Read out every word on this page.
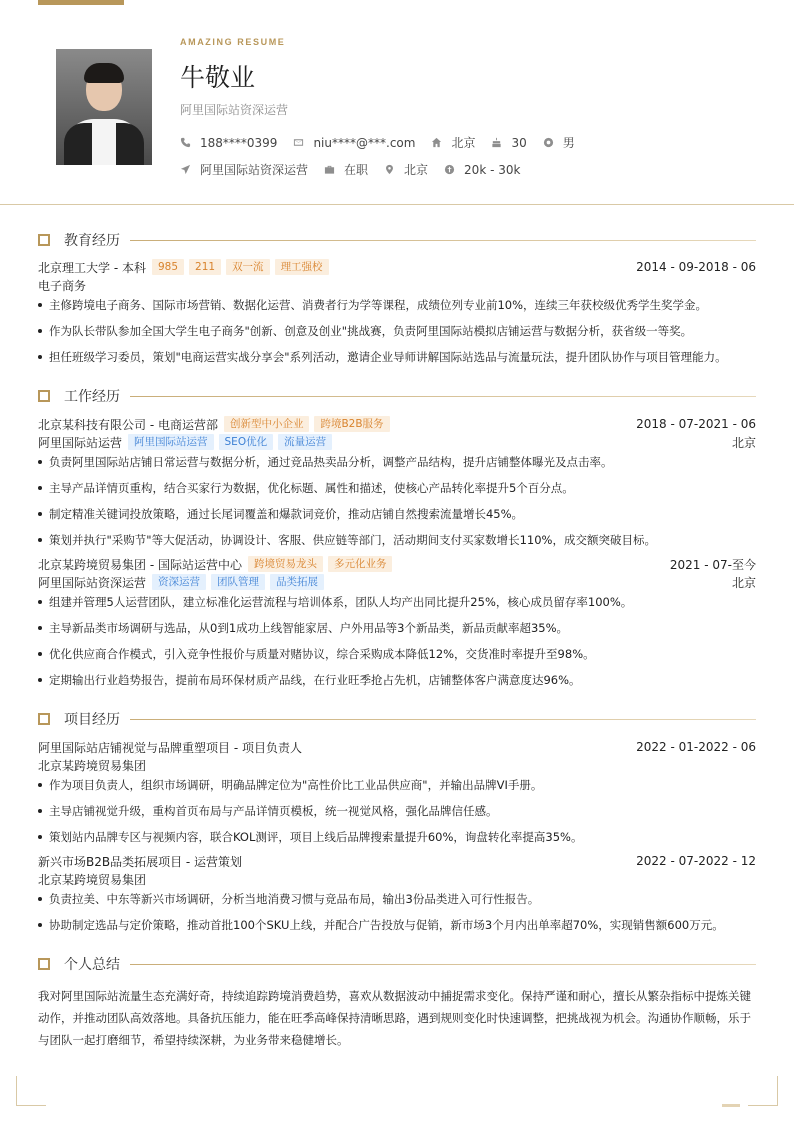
AMAZING RESUME
牛敬业
阿里国际站资深运营
188****0399	niu****@***.com	北京	30	男
阿里国际站资深运营	在职	北京	20k - 30k
教育经历
北京理工大学 - 本科	985	211	双一流	理工强校	2014 - 09-2018 - 06
电子商务
主修跨境电子商务、国际市场营销、数据化运营、消费者行为学等课程，成绩位列专业前10%，连续三年获校级优秀学生奖学金。
作为队长带队参加全国大学生电子商务"创新、创意及创业"挑战赛，负责阿里国际站模拟店铺运营与数据分析，获省级一等奖。
担任班级学习委员，策划"电商运营实战分享会"系列活动，邀请企业导师讲解国际站选品与流量玩法，提升团队协作与项目管理能力。
工作经历
北京某科技有限公司 - 电商运营部	创新型中小企业	跨境B2B服务	2018 - 07-2021 - 06
阿里国际站运营	阿里国际站运营	SEO优化	流量运营	北京
负责阿里国际站店铺日常运营与数据分析，通过竞品热卖品分析，调整产品结构，提升店铺整体曝光及点击率。
主导产品详情页重构，结合买家行为数据，优化标题、属性和描述，使核心产品转化率提升5个百分点。
制定精准关键词投放策略，通过长尾词覆盖和爆款词竞价，推动店铺自然搜索流量增长45%。
策划并执行"采购节"等大促活动，协调设计、客服、供应链等部门，活动期间支付买家数增长110%，成交额突破目标。
北京某跨境贸易集团 - 国际站运营中心	跨境贸易龙头	多元化业务	2021 - 07-至今
阿里国际站资深运营	资深运营	团队管理	品类拓展	北京
组建并管理5人运营团队，建立标准化运营流程与培训体系，团队人均产出同比提升25%，核心成员留存率100%。
主导新品类市场调研与选品，从0到1成功上线智能家居、户外用品等3个新品类，新品贡献率超35%。
优化供应商合作模式，引入竞争性报价与质量对赌协议，综合采购成本降低12%，交货准时率提升至98%。
定期输出行业趋势报告，提前布局环保材质产品线，在行业旺季抢占先机，店铺整体客户满意度达96%。
项目经历
阿里国际站店铺视觉与品牌重塑项目 - 项目负责人	2022 - 01-2022 - 06
北京某跨境贸易集团
作为项目负责人，组织市场调研，明确品牌定位为"高性价比工业品供应商"，并输出品牌VI手册。
主导店铺视觉升级，重构首页布局与产品详情页模板，统一视觉风格，强化品牌信任感。
策划站内品牌专区与视频内容，联合KOL测评，项目上线后品牌搜索量提升60%，询盘转化率提高35%。
新兴市场B2B品类拓展项目 - 运营策划	2022 - 07-2022 - 12
北京某跨境贸易集团
负责拉美、中东等新兴市场调研，分析当地消费习惯与竞品布局，输出3份品类进入可行性报告。
协助制定选品与定价策略，推动首批100个SKU上线，并配合广告投放与促销，新市场3个月内出单率超70%，实现销售额600万元。
个人总结
我对阿里国际站流量生态充满好奇，持续追踪跨境消费趋势，喜欢从数据波动中捕捉需求变化。保持严谨和耐心，擅长从繁杂指标中提炼关键动作，并推动团队高效落地。具备抗压能力，能在旺季高峰保持清晰思路，遇到规则变化时快速调整，把挑战视为机会。沟通协作顺畅，乐于与团队一起打磨细节，希望持续深耕，为业务带来稳健增长。
